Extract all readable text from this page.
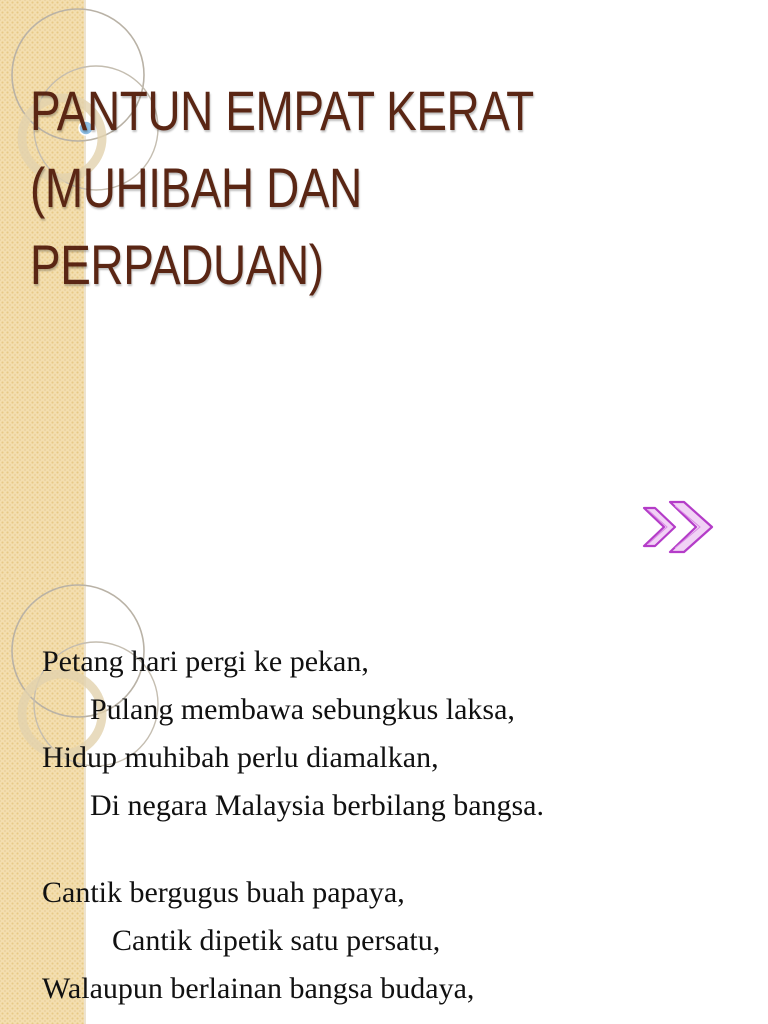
PANTUN EMPAT KERAT
(MUHIBAH DAN
PERPADUAN)
Petang hari pergi ke pekan,
Pulang membawa sebungkus laksa,
Hidup muhibah perlu diamalkan,
Di negara Malaysia berbilang bangsa.
Cantik bergugus buah papaya,
Cantik dipetik satu persatu,
Walaupun berlainan bangsa budaya,
